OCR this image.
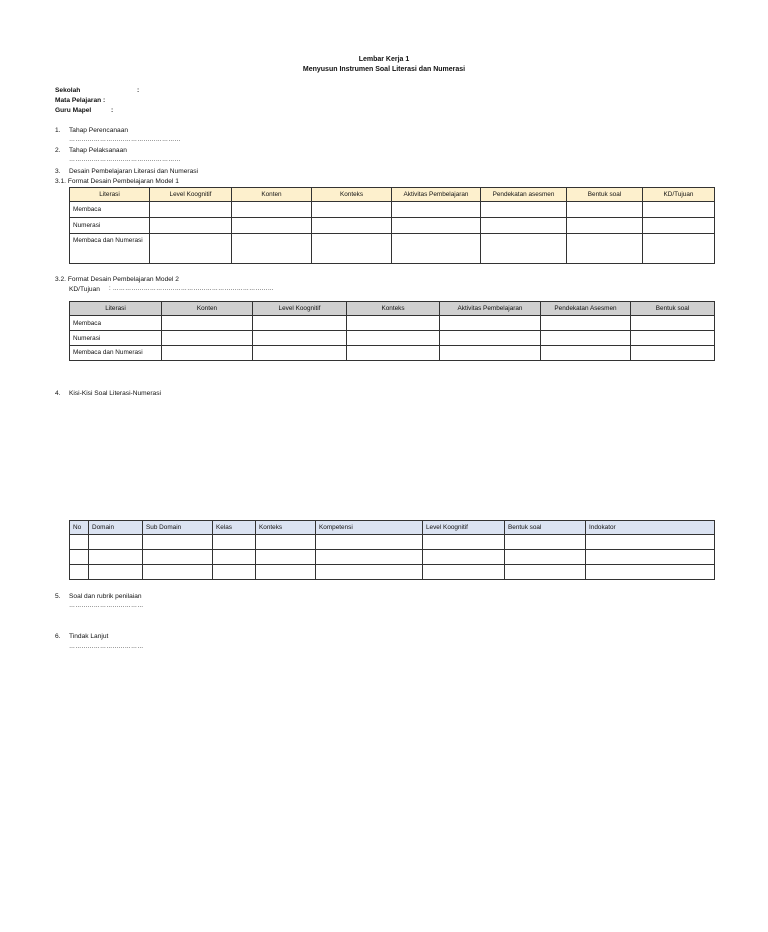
Lembar Kerja 1
Menyusun Instrumen Soal Literasi dan Numerasi
Sekolah	:
Mata Pelajaran :
Guru Mapel	:
1. Tahap Perencanaan
………………………………………………
2. Tahap Pelaksanaan
………………………………………………
3. Desain Pembelajaran Literasi dan Numerasi
3.1. Format Desain Pembelajaran Model 1
Literasi	Level Koognitif	Konten	Konteks	Aktivitas Pembelajaran	Pendekatan asesmen	Bentuk soal	KD/Tujuan
Membaca							
Numerasi							
Membaca dan Numerasi							
3.2. Format Desain Pembelajaran Model 2
KD/Tujuan : ……………………………………………………………………
Literasi	Konten	Level Koognitif	Konteks	Aktivitas Pembelajaran	Pendekatan Asesmen	Bentuk soal
Membaca						
Numerasi						
Membaca dan Numerasi						
4. Kisi-Kisi Soal Literasi-Numerasi
No	Domain	Sub Domain	Kelas	Konteks	Kompetensi	Level Koognitif	Bentuk soal	Indokator

5. Soal dan rubrik penilaian
………………………………
6. Tindak Lanjut
………………………………
